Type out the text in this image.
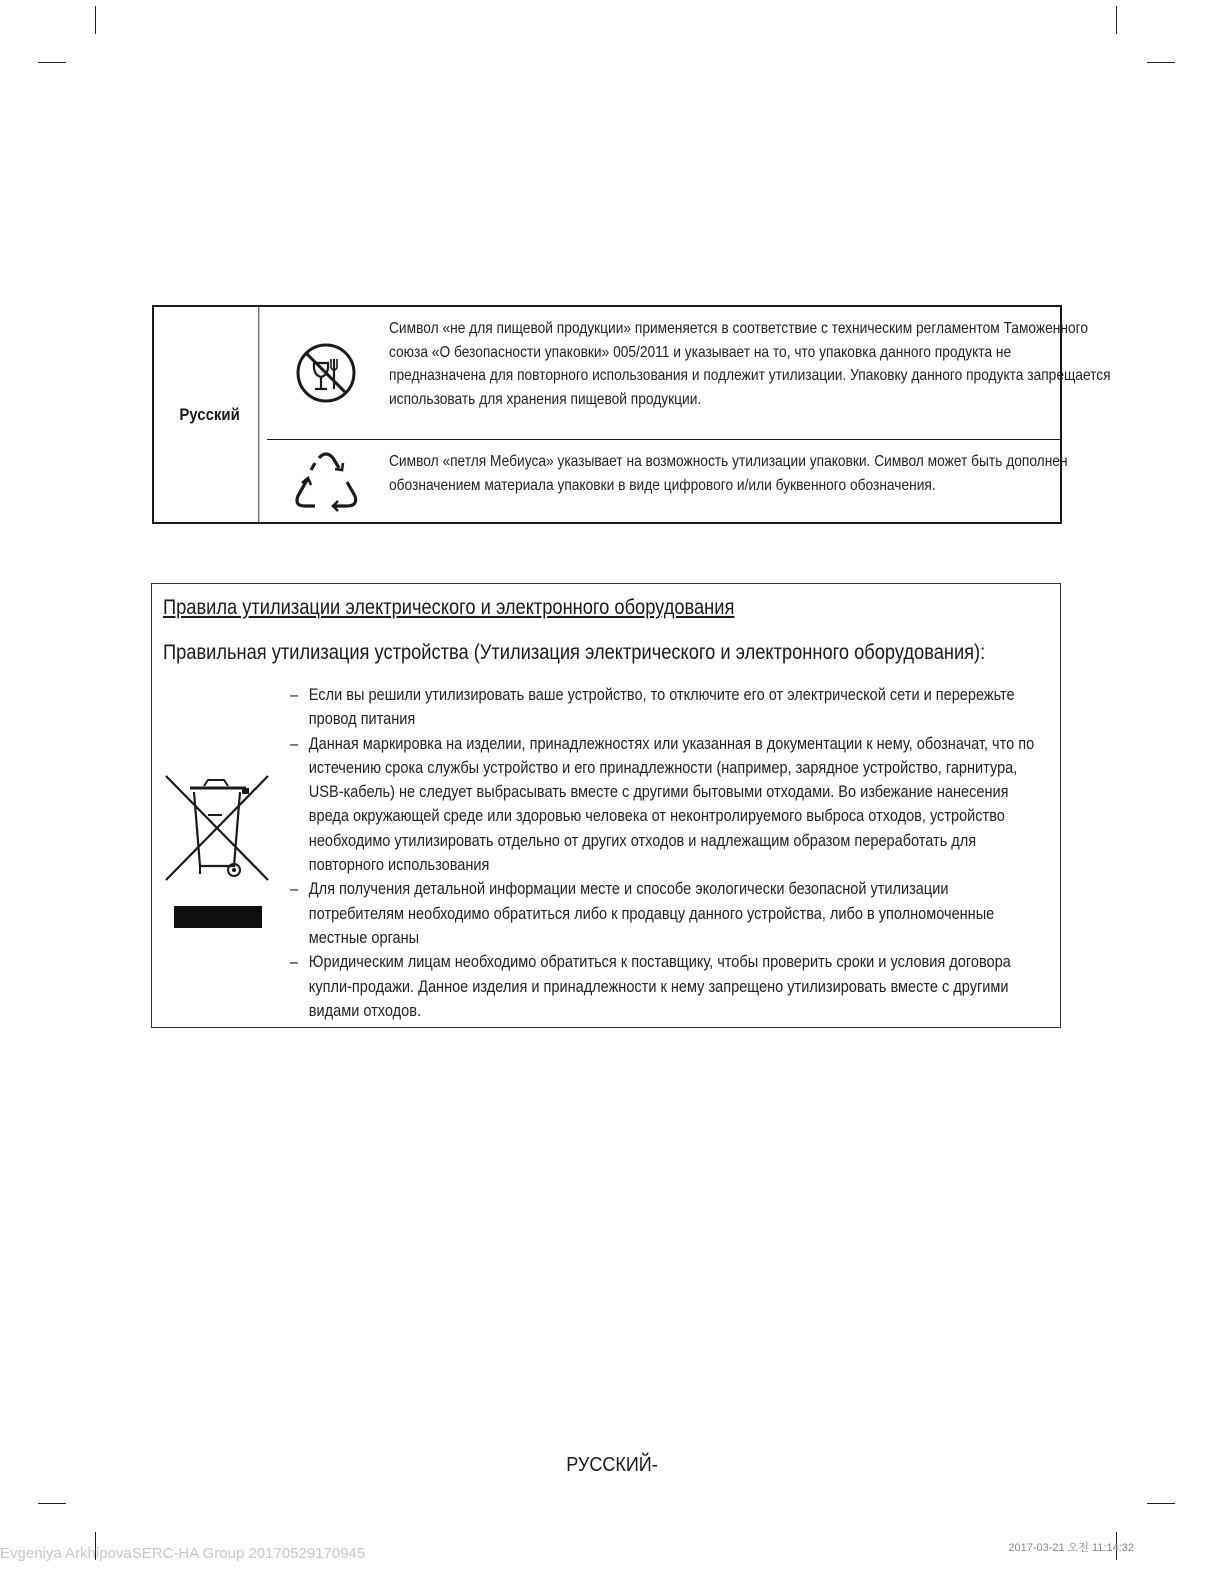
Русский
Символ «не для пищевой продукции» применяется в соответствие с техническим регламентом Таможенного союза «О безопасности упаковки» 005/2011 и указывает на то, что упаковка данного продукта не предназначена для повторного использования и подлежит утилизации. Упаковку данного продукта запрещается использовать для хранения пищевой продукции.
Символ «петля Мебиуса» указывает на возможность утилизации упаковки. Символ может быть дополнен обозначением материала упаковки в виде цифрового и/или буквенного обозначения.
Правила утилизации электрического и электронного оборудования
Правильная утилизация устройства (Утилизация электрического и электронного оборудования):
– Если вы решили утилизировать ваше устройство, то отключите его от электрической сети и перережьте провод питания
– Данная маркировка на изделии, принадлежностях или указанная в документации к нему, обозначат, что по истечению срока службы устройство и его принадлежности (например, зарядное устройство, гарнитура, USB-кабель) не следует выбрасывать вместе с другими бытовыми отходами. Во избежание нанесения вреда окружающей среде или здоровью человека от неконтролируемого выброса отходов, устройство необходимо утилизировать отдельно от других отходов и надлежащим образом переработать для повторного использования
– Для получения детальной информации месте и способе экологически безопасной утилизации потребителям необходимо обратиться либо к продавцу данного устройства, либо в уполномоченные местные органы
– Юридическим лицам необходимо обратиться к поставщику, чтобы проверить сроки и условия договора купли-продажи. Данное изделия и принадлежности к нему запрещено утилизировать вместе с другими видами отходов.
РУССКИЙ-
Evgeniya ArkhipovaSERC-HA Group 20170529170945	2017-03-21 오전 11:14:32
